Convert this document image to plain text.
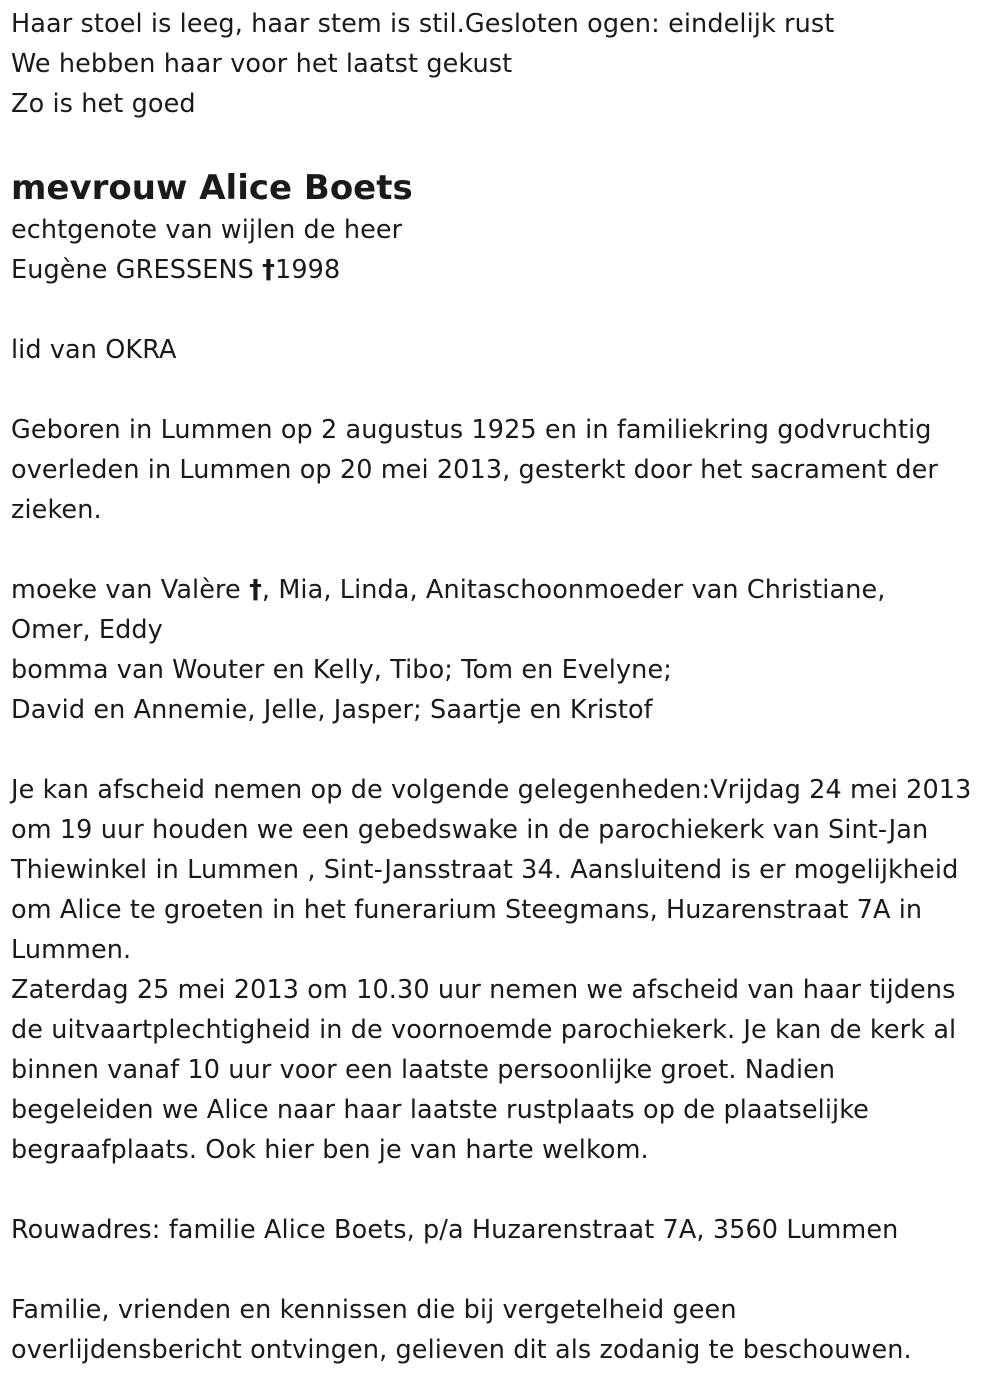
Haar stoel is leeg, haar stem is stil.Gesloten ogen: eindelijk rust
We hebben haar voor het laatst gekust
Zo is het goed
mevrouw Alice Boets
echtgenote van wijlen de heer
Eugène GRESSENS †1998
lid van OKRA
Geboren in Lummen op 2 augustus 1925 en in familiekring godvruchtig
overleden in Lummen op 20 mei 2013, gesterkt door het sacrament der
zieken.
moeke van Valère †, Mia, Linda, Anitaschoonmoeder van Christiane,
Omer, Eddy
bomma van Wouter en Kelly, Tibo; Tom en Evelyne;
David en Annemie, Jelle, Jasper; Saartje en Kristof
Je kan afscheid nemen op de volgende gelegenheden:Vrijdag 24 mei 2013
om 19 uur houden we een gebedswake in de parochiekerk van Sint-Jan
Thiewinkel in Lummen , Sint-Jansstraat 34. Aansluitend is er mogelijkheid
om Alice te groeten in het funerarium Steegmans, Huzarenstraat 7A in
Lummen.
Zaterdag 25 mei 2013 om 10.30 uur nemen we afscheid van haar tijdens
de uitvaartplechtigheid in de voornoemde parochiekerk. Je kan de kerk al
binnen vanaf 10 uur voor een laatste persoonlijke groet. Nadien
begeleiden we Alice naar haar laatste rustplaats op de plaatselijke
begraafplaats. Ook hier ben je van harte welkom.
Rouwadres: familie Alice Boets, p/a Huzarenstraat 7A, 3560 Lummen
Familie, vrienden en kennissen die bij vergetelheid geen
overlijdensbericht ontvingen, gelieven dit als zodanig te beschouwen.
